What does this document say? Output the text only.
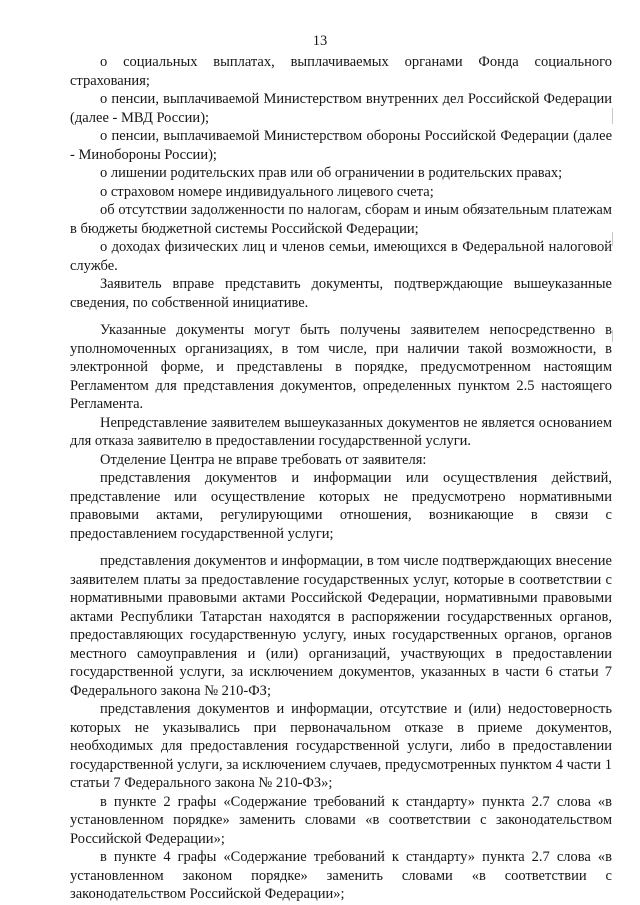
13

о социальных выплатах, выплачиваемых органами Фонда социального страхования;

о пенсии, выплачиваемой Министерством внутренних дел Российской Федерации (далее - МВД России);

о пенсии, выплачиваемой Министерством обороны Российской Федерации (далее - Минобороны России);

о лишении родительских прав или об ограничении в родительских правах;

о страховом номере индивидуального лицевого счета;

об отсутствии задолженности по налогам, сборам и иным обязательным платежам в бюджеты бюджетной системы Российской Федерации;

о доходах физических лиц и членов семьи, имеющихся в Федеральной налоговой службе.

Заявитель вправе представить документы, подтверждающие вышеуказанные сведения, по собственной инициативе.

Указанные документы могут быть получены заявителем непосредственно в уполномоченных организациях, в том числе, при наличии такой возможности, в электронной форме, и представлены в порядке, предусмотренном настоящим Регламентом для представления документов, определенных пунктом 2.5 настоящего Регламента.

Непредставление заявителем вышеуказанных документов не является основанием для отказа заявителю в предоставлении государственной услуги.

Отделение Центра не вправе требовать от заявителя:

представления документов и информации или осуществления действий, представление или осуществление которых не предусмотрено нормативными правовыми актами, регулирующими отношения, возникающие в связи с предоставлением государственной услуги;

представления документов и информации, в том числе подтверждающих внесение заявителем платы за предоставление государственных услуг, которые в соответствии с нормативными правовыми актами Российской Федерации, нормативными правовыми актами Республики Татарстан находятся в распоряжении государственных органов, предоставляющих государственную услугу, иных государственных органов, органов местного самоуправления и (или) организаций, участвующих в предоставлении государственной услуги, за исключением документов, указанных в части 6 статьи 7 Федерального закона № 210-ФЗ;

представления документов и информации, отсутствие и (или) недостоверность которых не указывались при первоначальном отказе в приеме документов, необходимых для предоставления государственной услуги, либо в предоставлении государственной услуги, за исключением случаев, предусмотренных пунктом 4 части 1 статьи 7 Федерального закона № 210-ФЗ»;

в пункте 2 графы «Содержание требований к стандарту» пункта 2.7 слова «в установленном порядке» заменить словами «в соответствии с законодательством Российской Федерации»;

в пункте 4 графы «Содержание требований к стандарту» пункта 2.7 слова «в установленном законом порядке» заменить словами «в соответствии с законодательством Российской Федерации»;
